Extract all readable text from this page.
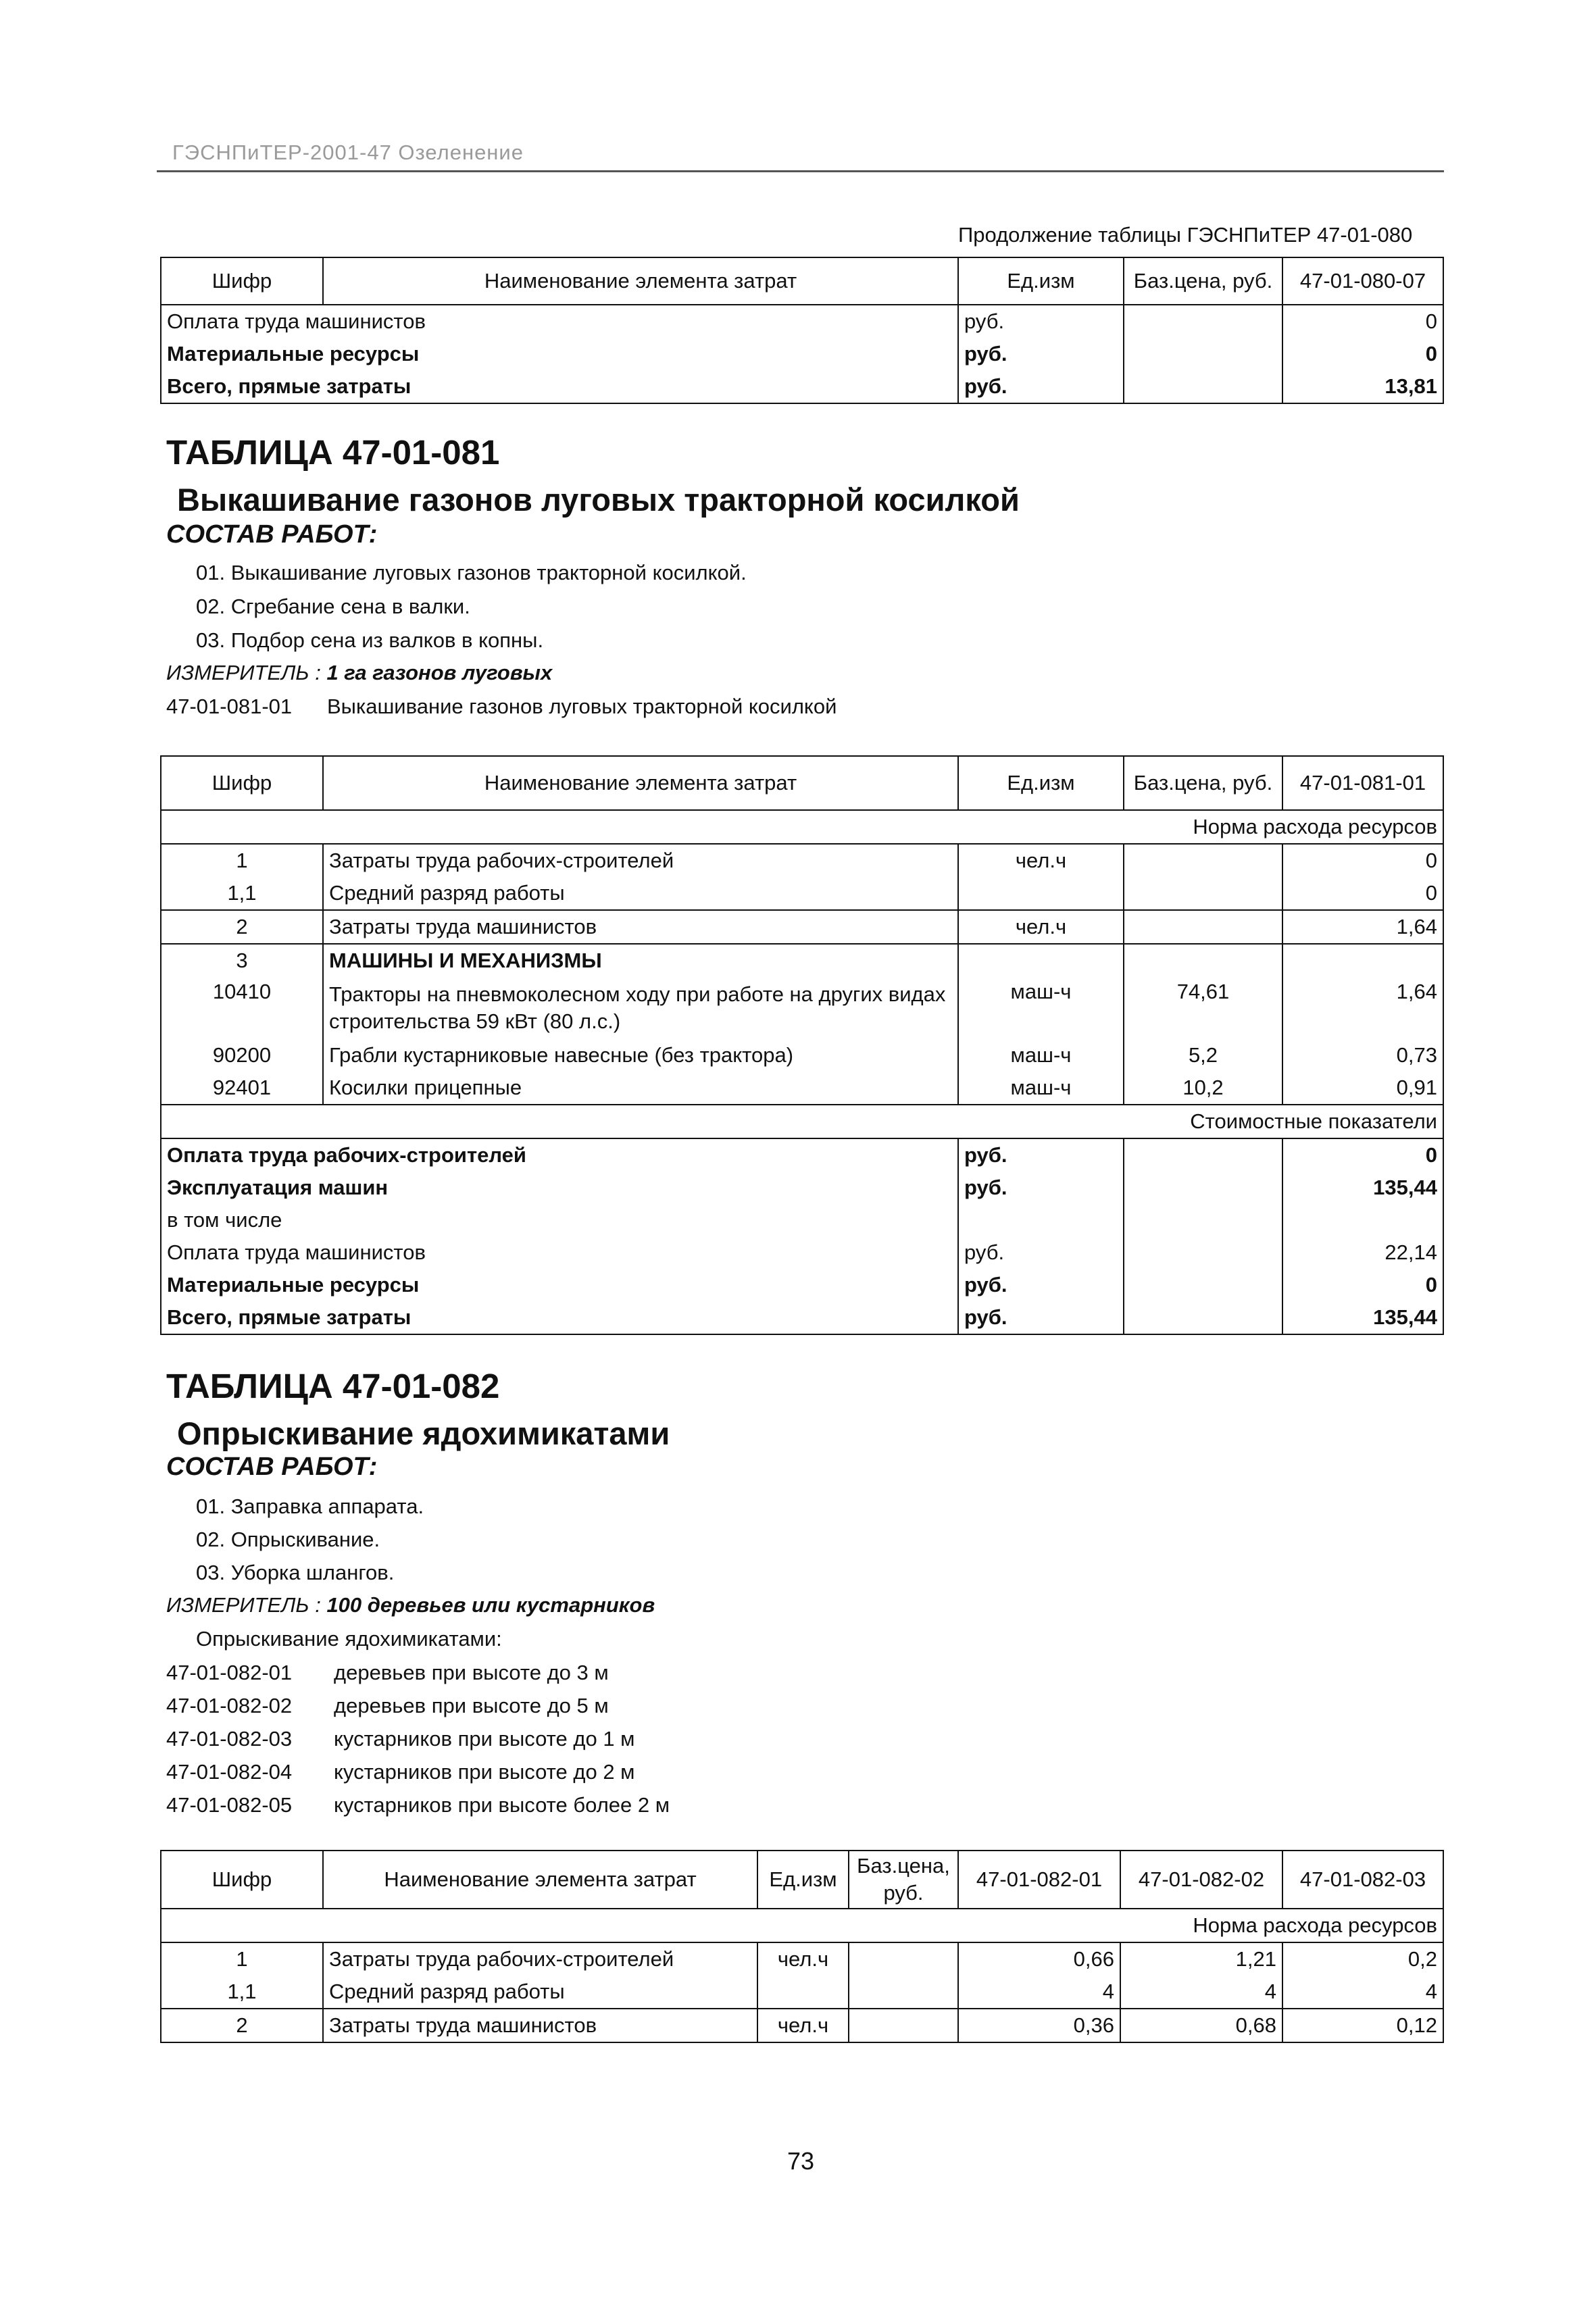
ГЭСНПиТЕР-2001-47 Озеленение
Продолжение таблицы ГЭСНПиТЕР 47-01-080
Шифр	Наименование элемента затрат	Ед.изм	Баз.цена, руб.	47-01-080-07
Оплата труда машинистов		руб.		0
Материальные ресурсы		руб.		0
Всего, прямые затраты		руб.		13,81
ТАБЛИЦА 47-01-081
Выкашивание газонов луговых тракторной косилкой
СОСТАВ РАБОТ:
01. Выкашивание луговых газонов тракторной косилкой.
02. Сгребание сена в валки.
03. Подбор сена из валков в копны.
ИЗМЕРИТЕЛЬ : 1 га газонов луговых
47-01-081-01 Выкашивание газонов луговых тракторной косилкой
Шифр	Наименование элемента затрат	Ед.изм	Баз.цена, руб.	47-01-081-01
Норма расхода ресурсов				
1	Затраты труда рабочих-строителей	чел.ч		0
1,1	Средний разряд работы			0
2	Затраты труда машинистов	чел.ч		1,64
3	МАШИНЫ И МЕХАНИЗМЫ			
10410	Тракторы на пневмоколесном ходу при работе на других видах строительства 59 кВт (80 л.с.)	маш-ч	74,61	1,64
90200	Грабли кустарниковые навесные (без трактора)	маш-ч	5,2	0,73
92401	Косилки прицепные	маш-ч	10,2	0,91
Стоимостные показатели				
Оплата труда рабочих-строителей		руб.		0
Эксплуатация машин		руб.		135,44
в том числе				
Оплата труда машинистов		руб.		22,14
Материальные ресурсы		руб.		0
Всего, прямые затраты		руб.		135,44
ТАБЛИЦА 47-01-082
Опрыскивание ядохимикатами
СОСТАВ РАБОТ:
01. Заправка аппарата.
02. Опрыскивание.
03. Уборка шлангов.
ИЗМЕРИТЕЛЬ : 100 деревьев или кустарников
Опрыскивание ядохимикатами:
47-01-082-01 деревьев при высоте до 3 м
47-01-082-02 деревьев при высоте до 5 м
47-01-082-03 кустарников при высоте до 1 м
47-01-082-04 кустарников при высоте до 2 м
47-01-082-05 кустарников при высоте более 2 м
Шифр	Наименование элемента затрат	Ед.изм	Баз.цена, руб.	47-01-082-01	47-01-082-02	47-01-082-03
Норма расхода ресурсов						
1	Затраты труда рабочих-строителей	чел.ч		0,66	1,21	0,2
1,1	Средний разряд работы			4	4	4
2	Затраты труда машинистов	чел.ч		0,36	0,68	0,12
73
